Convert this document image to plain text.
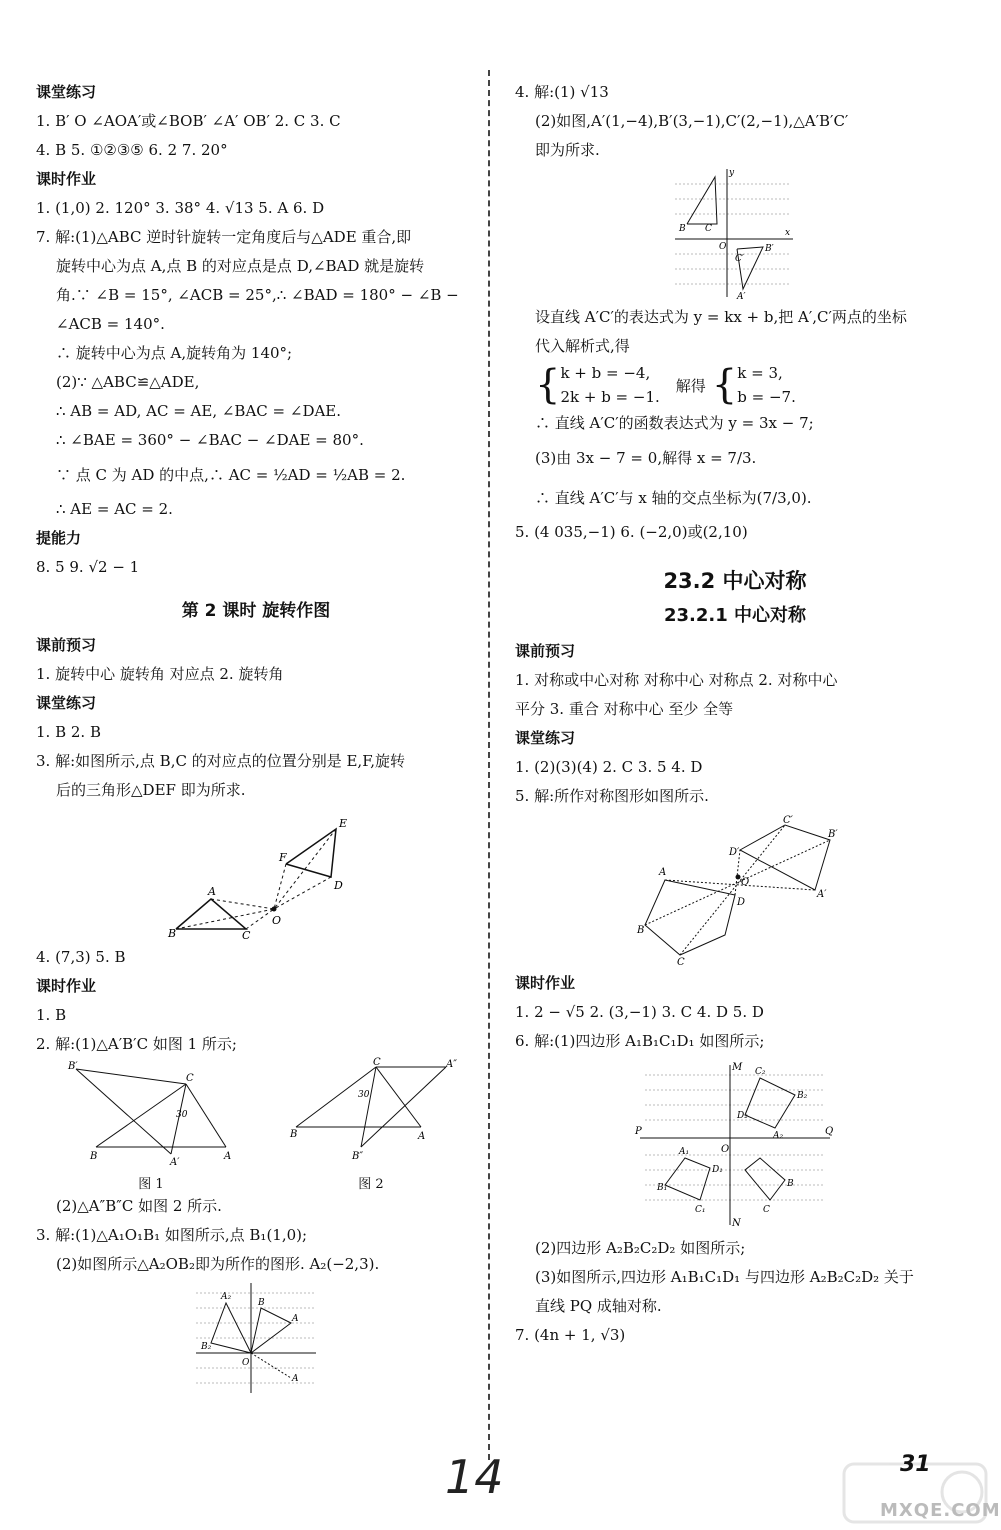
课堂练习
1. B′ O ∠AOA′或∠BOB′ ∠A′ OB′ 2. C 3. C
4. B 5. ①②③⑤ 6. 2 7. 20°
课时作业
1. (1,0) 2. 120° 3. 38° 4. √13 5. A 6. D
7. 解:(1)△ABC 逆时针旋转一定角度后与△ADE 重合,即
旋转中心为点 A,点 B 的对应点是点 D,∠BAD 就是旋转
角.∵ ∠B = 15°, ∠ACB = 25°,∴ ∠BAD = 180° − ∠B −
∠ACB = 140°.
∴ 旋转中心为点 A,旋转角为 140°;
(2)∵ △ABC≌△ADE,
∴ AB = AD, AC = AE, ∠BAC = ∠DAE.
∴ ∠BAE = 360° − ∠BAC − ∠DAE = 80°.
∵ 点 C 为 AD 的中点,∴ AC = ½AD = ½AB = 2.
∴ AE = AC = 2.
提能力
8. 5 9. √2 − 1
第 2 课时 旋转作图
课前预习
1. 旋转中心 旋转角 对应点 2. 旋转角
课堂练习
1. B 2. B
3. 解:如图所示,点 B,C 的对应点的位置分别是 E,F,旋转
后的三角形△DEF 即为所求.
B
A
C
O
F
E
D
4. (7,3) 5. B
课时作业
1. B
2. 解:(1)△A′B′C 如图 1 所示;
B′
C
30
B
A′
A
图 1
C	A″
30
B	A
B″
图 2
(2)△A″B″C 如图 2 所示.
3. 解:(1)△A₁O₁B₁ 如图所示,点 B₁(1,0);
(2)如图所示△A₂OB₂即为所作的图形. A₂(−2,3).
A₂
B₂
B
A
O
A
4. 解:(1) √13
(2)如图,A′(1,−4),B′(3,−1),C′(2,−1),△A′B′C′
即为所求.
B C
O
y
x
C′
B′
A′
设直线 A′C′的表达式为 y = kx + b,把 A′,C′两点的坐标
代入解析式,得
{ k + b = −4,
2k + b = −1.
解得 { k = 3,
b = −7.
∴ 直线 A′C′的函数表达式为 y = 3x − 7;
(3)由 3x − 7 = 0,解得 x = 7/3.
∴ 直线 A′C′与 x 轴的交点坐标为(7/3,0).
5. (4 035,−1) 6. (−2,0)或(2,10)
23.2 中心对称
23.2.1 中心对称
课前预习
1. 对称或中心对称 对称中心 对称点 2. 对称中心
平分 3. 重合 对称中心 至少 全等
课堂练习
1. (2)(3)(4) 2. C 3. 5 4. D
5. 解:所作对称图形如图所示.
A
B
C
D
O
D′
C′
B′
A′
课时作业
1. 2 − √5 2. (3,−1) 3. C 4. D 5. D
6. 解:(1)四边形 A₁B₁C₁D₁ 如图所示;
P	Q
M
N
O
C₂
B₂
A₂
D₂
A₁
B₁
C₁
D₁
C
B
(2)四边形 A₂B₂C₂D₂ 如图所示;
(3)如图所示,四边形 A₁B₁C₁D₁ 与四边形 A₂B₂C₂D₂ 关于
直线 PQ 成轴对称.
7. (4n + 1, √3)
14	31
MXQE.COM
